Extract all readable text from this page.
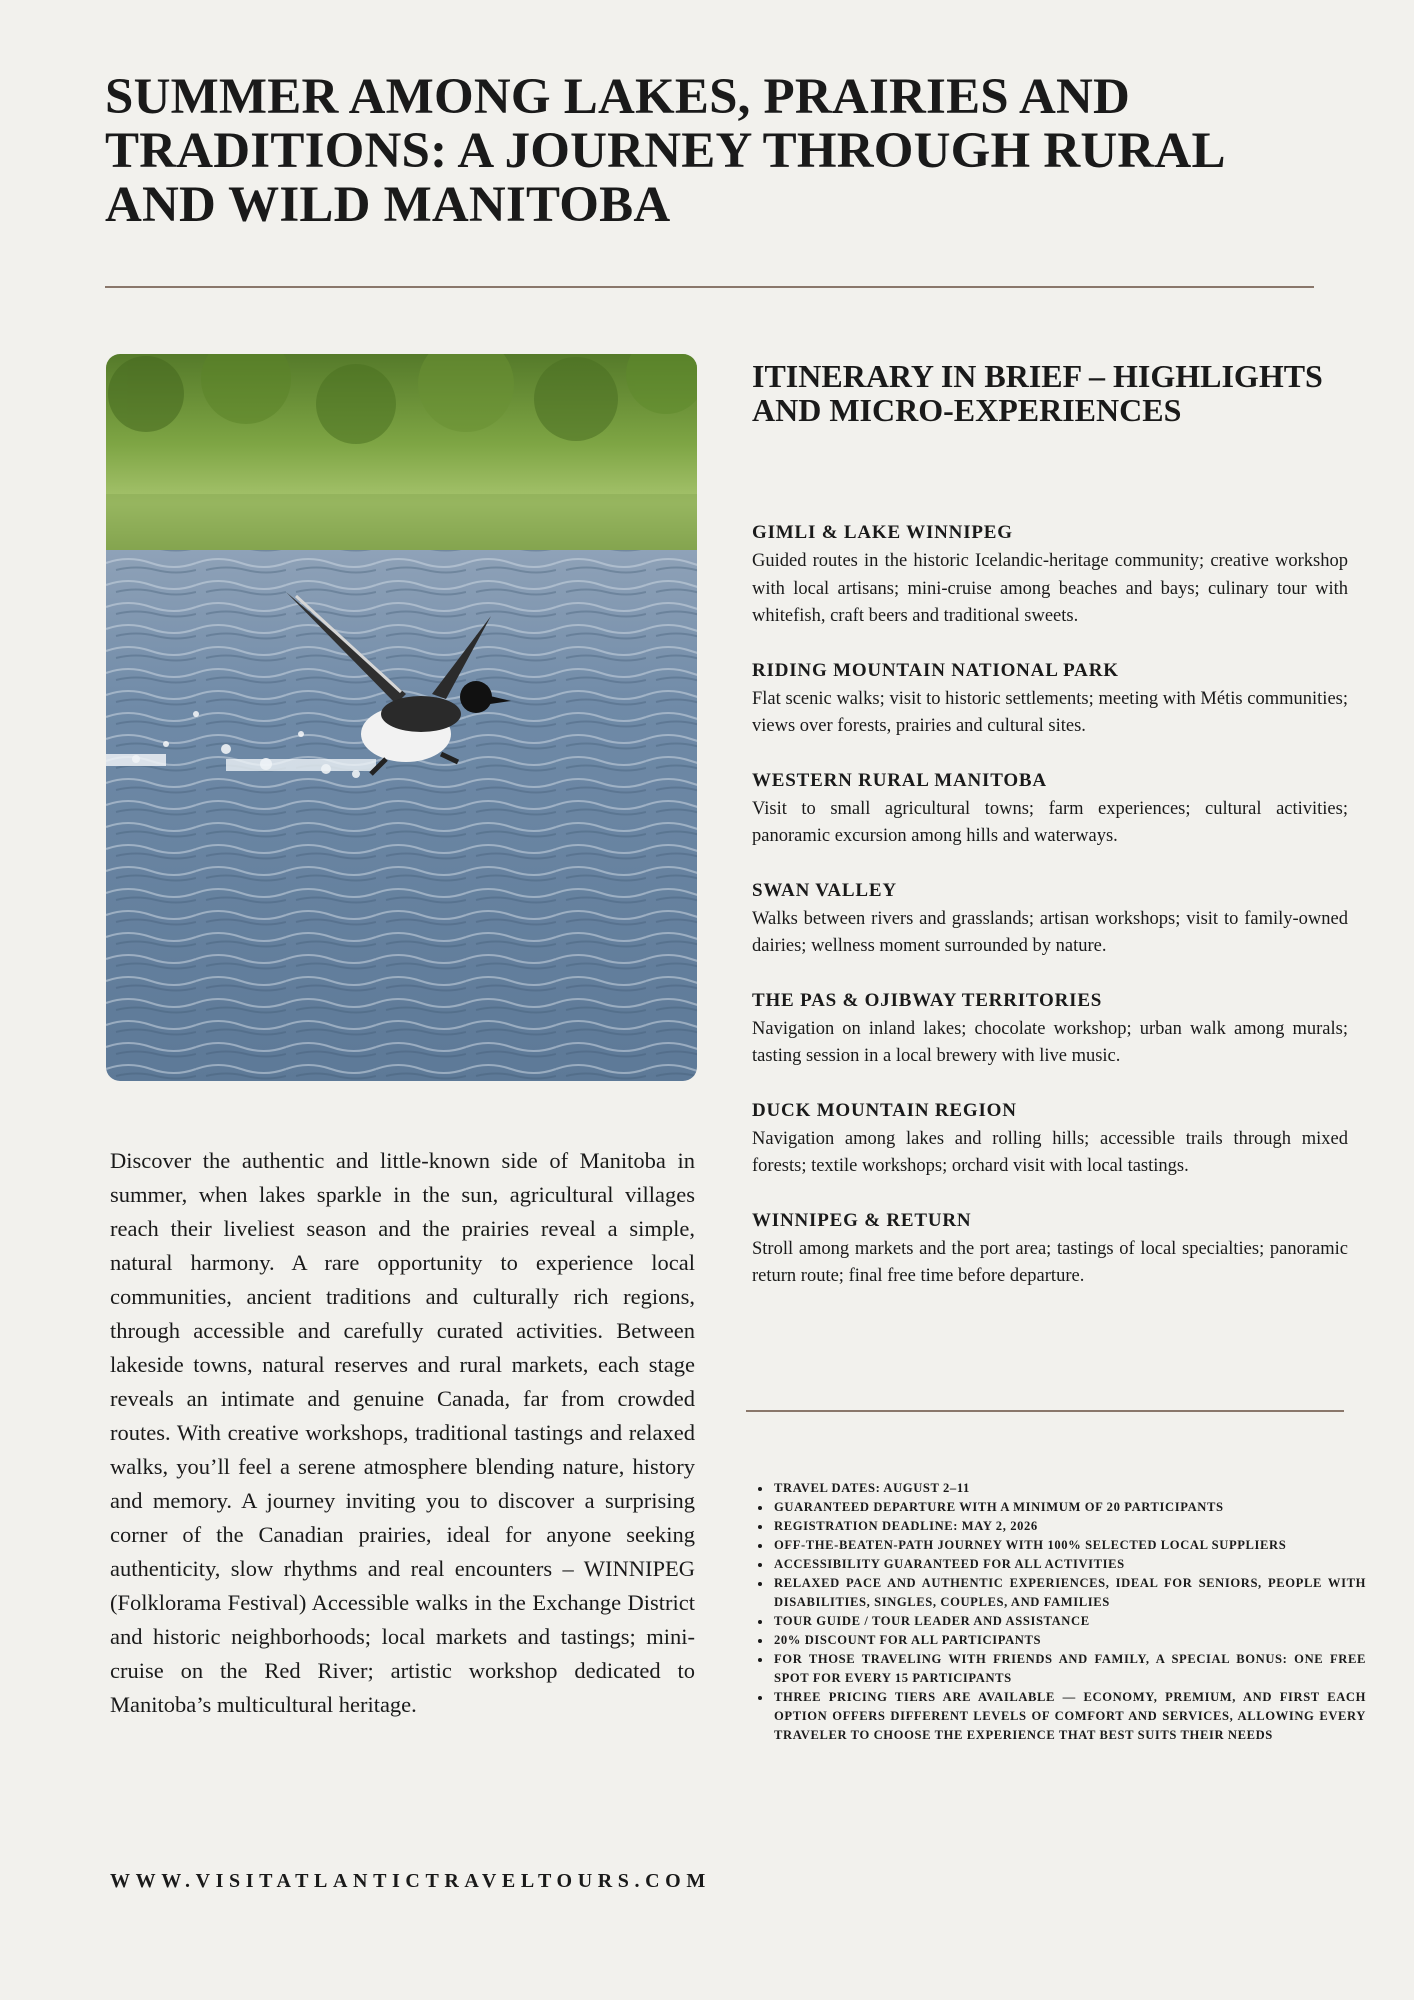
SUMMER AMONG LAKES, PRAIRIES AND TRADITIONS: A JOURNEY THROUGH RURAL AND WILD MANITOBA

Discover the authentic and little-known side of Manitoba in summer, when lakes sparkle in the sun, agricultural villages reach their liveliest season and the prairies reveal a simple, natural harmony. A rare opportunity to experience local communities, ancient traditions and culturally rich regions, through accessible and carefully curated activities. Between lakeside towns, natural reserves and rural markets, each stage reveals an intimate and genuine Canada, far from crowded routes. With creative workshops, traditional tastings and relaxed walks, you’ll feel a serene atmosphere blending nature, history and memory. A journey inviting you to discover a surprising corner of the Canadian prairies, ideal for anyone seeking authenticity, slow rhythms and real encounters – WINNIPEG (Folklorama Festival) Accessible walks in the Exchange District and historic neighborhoods; local markets and tastings; mini-cruise on the Red River; artistic workshop dedicated to Manitoba’s multicultural heritage.

WWW.VISITATLANTICTRAVELTOURS.COM

ITINERARY IN BRIEF – HIGHLIGHTS AND MICRO-EXPERIENCES

GIMLI & LAKE WINNIPEG

Guided routes in the historic Icelandic-heritage community; creative workshop with local artisans; mini-cruise among beaches and bays; culinary tour with whitefish, craft beers and traditional sweets.

RIDING MOUNTAIN NATIONAL PARK

Flat scenic walks; visit to historic settlements; meeting with Métis communities; views over forests, prairies and cultural sites.

WESTERN RURAL MANITOBA

Visit to small agricultural towns; farm experiences; cultural activities; panoramic excursion among hills and waterways.

SWAN VALLEY

Walks between rivers and grasslands; artisan workshops; visit to family-owned dairies; wellness moment surrounded by nature.

THE PAS & OJIBWAY TERRITORIES

Navigation on inland lakes; chocolate workshop; urban walk among murals; tasting session in a local brewery with live music.

DUCK MOUNTAIN REGION

Navigation among lakes and rolling hills; accessible trails through mixed forests; textile workshops; orchard visit with local tastings.

WINNIPEG & RETURN

Stroll among markets and the port area; tastings of local specialties; panoramic return route; final free time before departure.

• TRAVEL DATES: AUGUST 2–11
• GUARANTEED DEPARTURE WITH A MINIMUM OF 20 PARTICIPANTS
• REGISTRATION DEADLINE: MAY 2, 2026
• OFF-THE-BEATEN-PATH JOURNEY WITH 100% SELECTED LOCAL SUPPLIERS
• ACCESSIBILITY GUARANTEED FOR ALL ACTIVITIES
• RELAXED PACE AND AUTHENTIC EXPERIENCES, IDEAL FOR SENIORS, PEOPLE WITH DISABILITIES, SINGLES, COUPLES, AND FAMILIES
• TOUR GUIDE / TOUR LEADER AND ASSISTANCE
• 20% DISCOUNT FOR ALL PARTICIPANTS
• FOR THOSE TRAVELING WITH FRIENDS AND FAMILY, A SPECIAL BONUS: ONE FREE SPOT FOR EVERY 15 PARTICIPANTS
• THREE PRICING TIERS ARE AVAILABLE — ECONOMY, PREMIUM, AND FIRST EACH OPTION OFFERS DIFFERENT LEVELS OF COMFORT AND SERVICES, ALLOWING EVERY TRAVELER TO CHOOSE THE EXPERIENCE THAT BEST SUITS THEIR NEEDS
